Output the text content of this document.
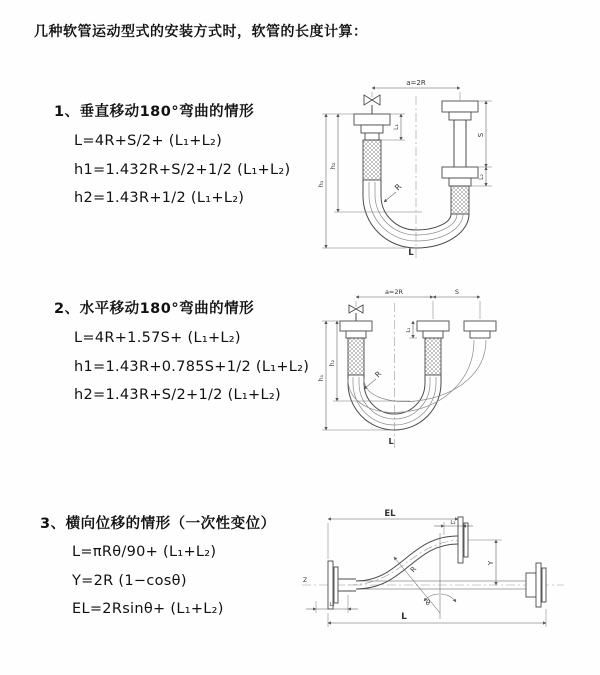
几种软管运动型式的安装方式时，软管的长度计算：
1、垂直移动180°弯曲的情形
L=4R+S/2+ (L₁+L₂)
h1=1.432R+S/2+1/2 (L₁+L₂)
h2=1.43R+1/2 (L₁+L₂)
a=2R
h₁
h₂
L₁
S
L₂
R
L
2、水平移动180°弯曲的情形
L=4R+1.57S+ (L₁+L₂)
h1=1.43R+0.785S+1/2 (L₁+L₂)
h2=1.43R+S/2+1/2 (L₁+L₂)
a=2R	S
h₁
h₂
L₁
R
L
3、横向位移的情形（一次性变位）
L=πRθ/90+ (L₁+L₂)
Y=2R (1−cosθ)
EL=2Rsinθ+ (L₁+L₂)
Z
θ
R
EL
L₂
Y
L₁
L
